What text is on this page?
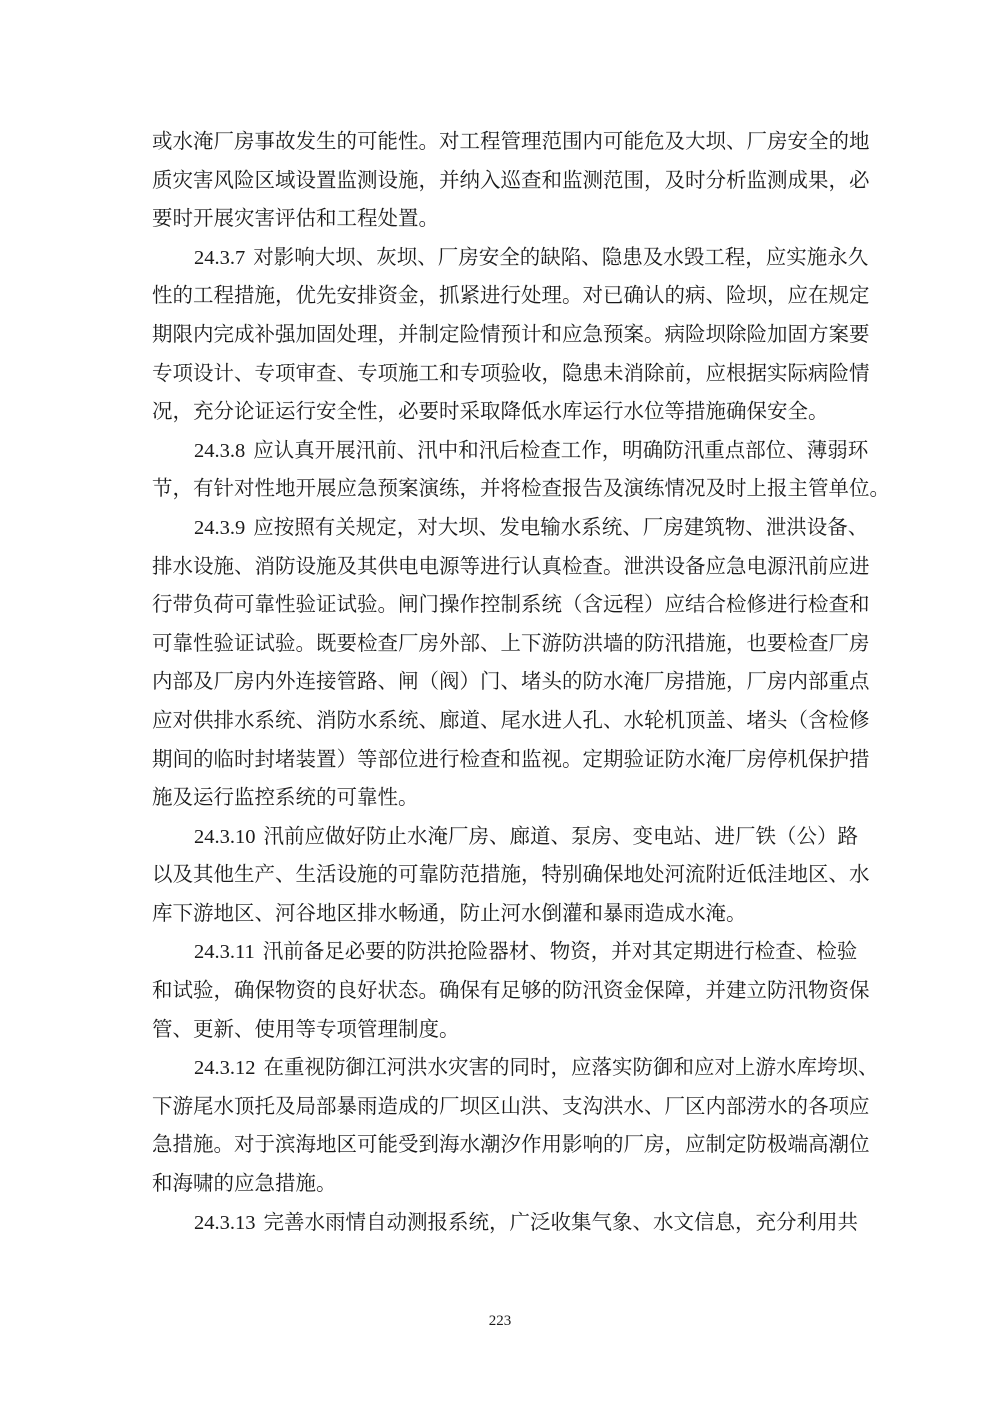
或水淹厂房事故发生的可能性。对工程管理范围内可能危及大坝、厂房安全的地
质灾害风险区域设置监测设施，并纳入巡查和监测范围，及时分析监测成果，必
要时开展灾害评估和工程处置。
24.3.7 对影响大坝、灰坝、厂房安全的缺陷、隐患及水毁工程，应实施永久
性的工程措施，优先安排资金，抓紧进行处理。对已确认的病、险坝，应在规定
期限内完成补强加固处理，并制定险情预计和应急预案。病险坝除险加固方案要
专项设计、专项审查、专项施工和专项验收，隐患未消除前，应根据实际病险情
况，充分论证运行安全性，必要时采取降低水库运行水位等措施确保安全。
24.3.8 应认真开展汛前、汛中和汛后检查工作，明确防汛重点部位、薄弱环
节，有针对性地开展应急预案演练，并将检查报告及演练情况及时上报主管单位。
24.3.9 应按照有关规定，对大坝、发电输水系统、厂房建筑物、泄洪设备、
排水设施、消防设施及其供电电源等进行认真检查。泄洪设备应急电源汛前应进
行带负荷可靠性验证试验。闸门操作控制系统（含远程）应结合检修进行检查和
可靠性验证试验。既要检查厂房外部、上下游防洪墙的防汛措施，也要检查厂房
内部及厂房内外连接管路、闸（阀）门、堵头的防水淹厂房措施，厂房内部重点
应对供排水系统、消防水系统、廊道、尾水进人孔、水轮机顶盖、堵头（含检修
期间的临时封堵装置）等部位进行检查和监视。定期验证防水淹厂房停机保护措
施及运行监控系统的可靠性。
24.3.10 汛前应做好防止水淹厂房、廊道、泵房、变电站、进厂铁（公）路
以及其他生产、生活设施的可靠防范措施，特别确保地处河流附近低洼地区、水
库下游地区、河谷地区排水畅通，防止河水倒灌和暴雨造成水淹。
24.3.11 汛前备足必要的防洪抢险器材、物资，并对其定期进行检查、检验
和试验，确保物资的良好状态。确保有足够的防汛资金保障，并建立防汛物资保
管、更新、使用等专项管理制度。
24.3.12 在重视防御江河洪水灾害的同时，应落实防御和应对上游水库垮坝、
下游尾水顶托及局部暴雨造成的厂坝区山洪、支沟洪水、厂区内部涝水的各项应
急措施。对于滨海地区可能受到海水潮汐作用影响的厂房，应制定防极端高潮位
和海啸的应急措施。
24.3.13 完善水雨情自动测报系统，广泛收集气象、水文信息，充分利用共
223
